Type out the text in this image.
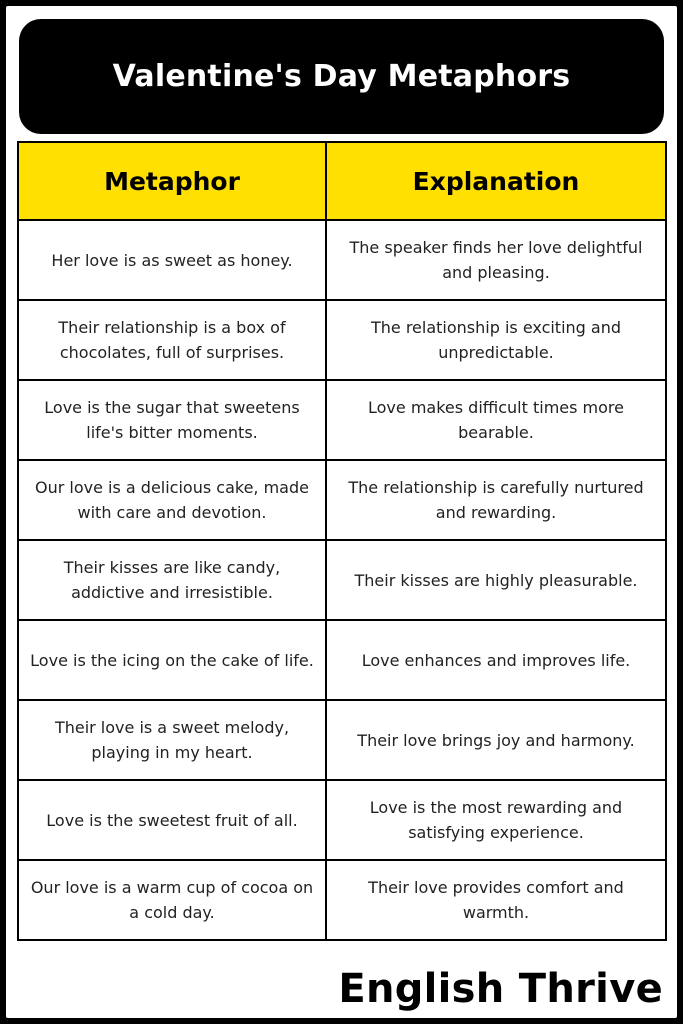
Valentine's Day Metaphors
Metaphor	Explanation
Her love is as sweet as honey.	The speaker finds her love delightful and pleasing.
Their relationship is a box of chocolates, full of surprises.	The relationship is exciting and unpredictable.
Love is the sugar that sweetens life's bitter moments.	Love makes difficult times more bearable.
Our love is a delicious cake, made with care and devotion.	The relationship is carefully nurtured and rewarding.
Their kisses are like candy, addictive and irresistible.	Their kisses are highly pleasurable.
Love is the icing on the cake of life.	Love enhances and improves life.
Their love is a sweet melody, playing in my heart.	Their love brings joy and harmony.
Love is the sweetest fruit of all.	Love is the most rewarding and satisfying experience.
Our love is a warm cup of cocoa on a cold day.	Their love provides comfort and warmth.
English Thrive
